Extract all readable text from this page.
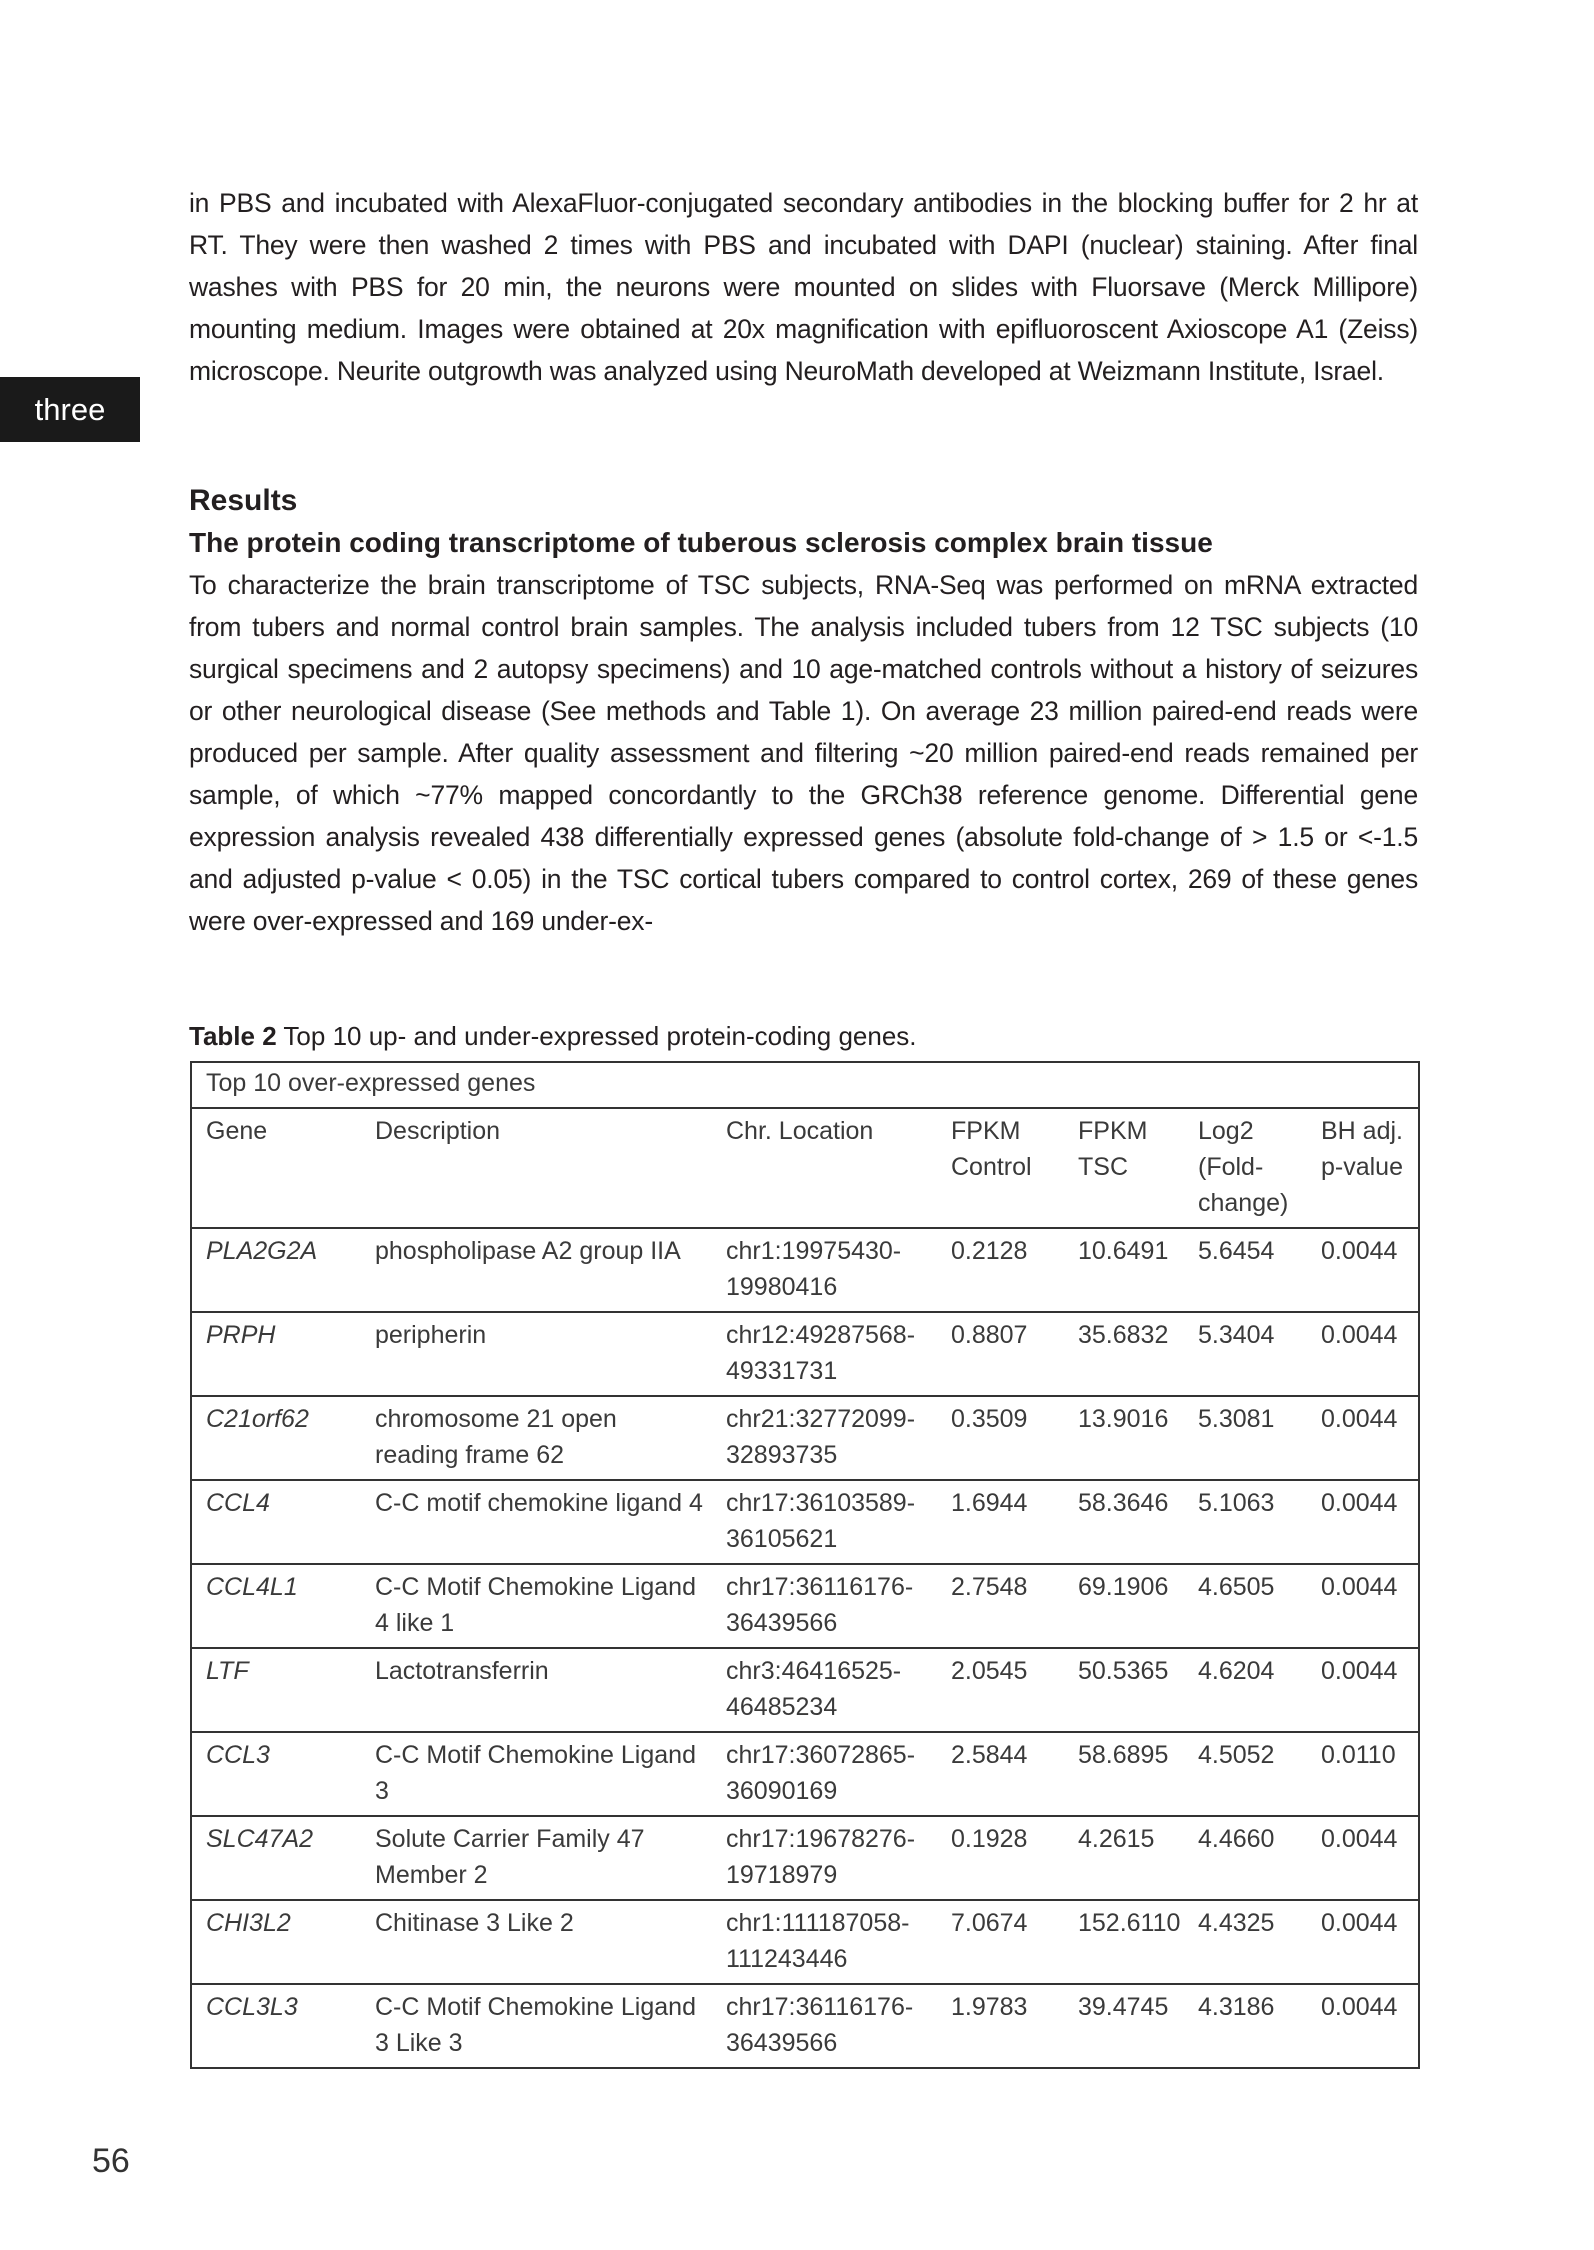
three

in PBS and incubated with AlexaFluor-conjugated secondary antibodies in the blocking buffer for 2 hr at RT. They were then washed 2 times with PBS and incubated with DAPI (nuclear) staining. After final washes with PBS for 20 min, the neurons were mounted on slides with Fluorsave (Merck Millipore) mounting medium. Images were obtained at 20x magnification with epifluoroscent Axioscope A1 (Zeiss) microscope. Neurite outgrowth was analyzed using NeuroMath developed at Weizmann Institute, Israel.

Results
The protein coding transcriptome of tuberous sclerosis complex brain tissue

To characterize the brain transcriptome of TSC subjects, RNA-Seq was performed on mRNA extracted from tubers and normal control brain samples. The analysis included tubers from 12 TSC subjects (10 surgical specimens and 2 autopsy specimens) and 10 age-matched controls without a history of seizures or other neurological disease (See methods and Table 1). On average 23 million paired-end reads were produced per sample. After quality assessment and filtering ~20 million paired-end reads remained per sample, of which ~77% mapped concordantly to the GRCh38 reference genome. Differential gene expression analysis revealed 438 differentially expressed genes (absolute fold-change of > 1.5 or <-1.5 and adjusted p-value < 0.05) in the TSC cortical tubers compared to control cortex, 269 of these genes were over-expressed and 169 under-ex-

Table 2 Top 10 up- and under-expressed protein-coding genes.
Top 10 over-expressed genes						
Gene	Description	Chr. Location	FPKM Control	FPKM TSC	Log2 (Fold-change)	BH adj. p-value
PLA2G2A	phospholipase A2 group IIA	chr1:19975430-19980416	0.2128	10.6491	5.6454	0.0044
PRPH	peripherin	chr12:49287568-49331731	0.8807	35.6832	5.3404	0.0044
C21orf62	chromosome 21 open reading frame 62	chr21:32772099-32893735	0.3509	13.9016	5.3081	0.0044
CCL4	C-C motif chemokine ligand 4	chr17:36103589-36105621	1.6944	58.3646	5.1063	0.0044
CCL4L1	C-C Motif Chemokine Ligand 4 like 1	chr17:36116176-36439566	2.7548	69.1906	4.6505	0.0044
LTF	Lactotransferrin	chr3:46416525-46485234	2.0545	50.5365	4.6204	0.0044
CCL3	C-C Motif Chemokine Ligand 3	chr17:36072865-36090169	2.5844	58.6895	4.5052	0.0110
SLC47A2	Solute Carrier Family 47 Member 2	chr17:19678276-19718979	0.1928	4.2615	4.4660	0.0044
CHI3L2	Chitinase 3 Like 2	chr1:111187058-111243446	7.0674	152.6110	4.4325	0.0044
CCL3L3	C-C Motif Chemokine Ligand 3 Like 3	chr17:36116176-36439566	1.9783	39.4745	4.3186	0.0044
56
